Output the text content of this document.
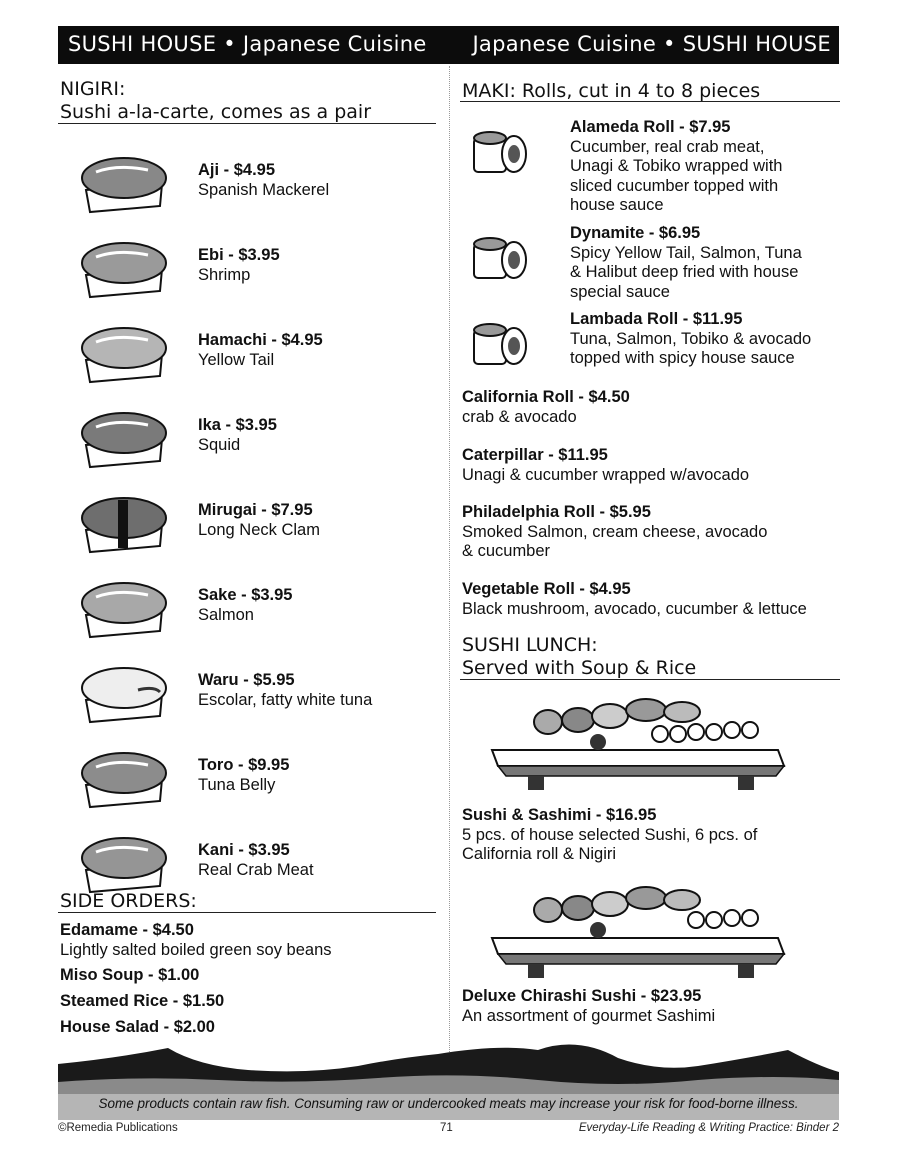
SUSHI HOUSE • Japanese Cuisine Japanese Cuisine • SUSHI HOUSE
NIGIRI:
Sushi a-la-carte, comes as a pair
Aji - $4.95
Spanish Mackerel
Ebi - $3.95
Shrimp
Hamachi - $4.95
Yellow Tail
Ika - $3.95
Squid
Mirugai - $7.95
Long Neck Clam
Sake - $3.95
Salmon
Waru - $5.95
Escolar, fatty white tuna
Toro - $9.95
Tuna Belly
Kani - $3.95
Real Crab Meat
SIDE ORDERS:
Edamame - $4.50
Lightly salted boiled green soy beans
Miso Soup - $1.00
Steamed Rice - $1.50
House Salad - $2.00
MAKI: Rolls, cut in 4 to 8 pieces
Alameda Roll - $7.95
Cucumber, real crab meat,
Unagi & Tobiko wrapped with
sliced cucumber topped with
house sauce
Dynamite - $6.95
Spicy Yellow Tail, Salmon, Tuna
& Halibut deep fried with house
special sauce
Lambada Roll - $11.95
Tuna, Salmon, Tobiko & avocado
topped with spicy house sauce
California Roll - $4.50
crab & avocado
Caterpillar - $11.95
Unagi & cucumber wrapped w/avocado
Philadelphia Roll - $5.95
Smoked Salmon, cream cheese, avocado
& cucumber
Vegetable Roll - $4.95
Black mushroom, avocado, cucumber & lettuce
SUSHI LUNCH:
Served with Soup & Rice
Sushi & Sashimi - $16.95
5 pcs. of house selected Sushi, 6 pcs. of
California roll & Nigiri
Deluxe Chirashi Sushi - $23.95
An assortment of gourmet Sashimi
Some products contain raw fish. Consuming raw or undercooked meats may increase your risk for food-borne illness.
©Remedia Publications	71	Everyday-Life Reading & Writing Practice: Binder 2
